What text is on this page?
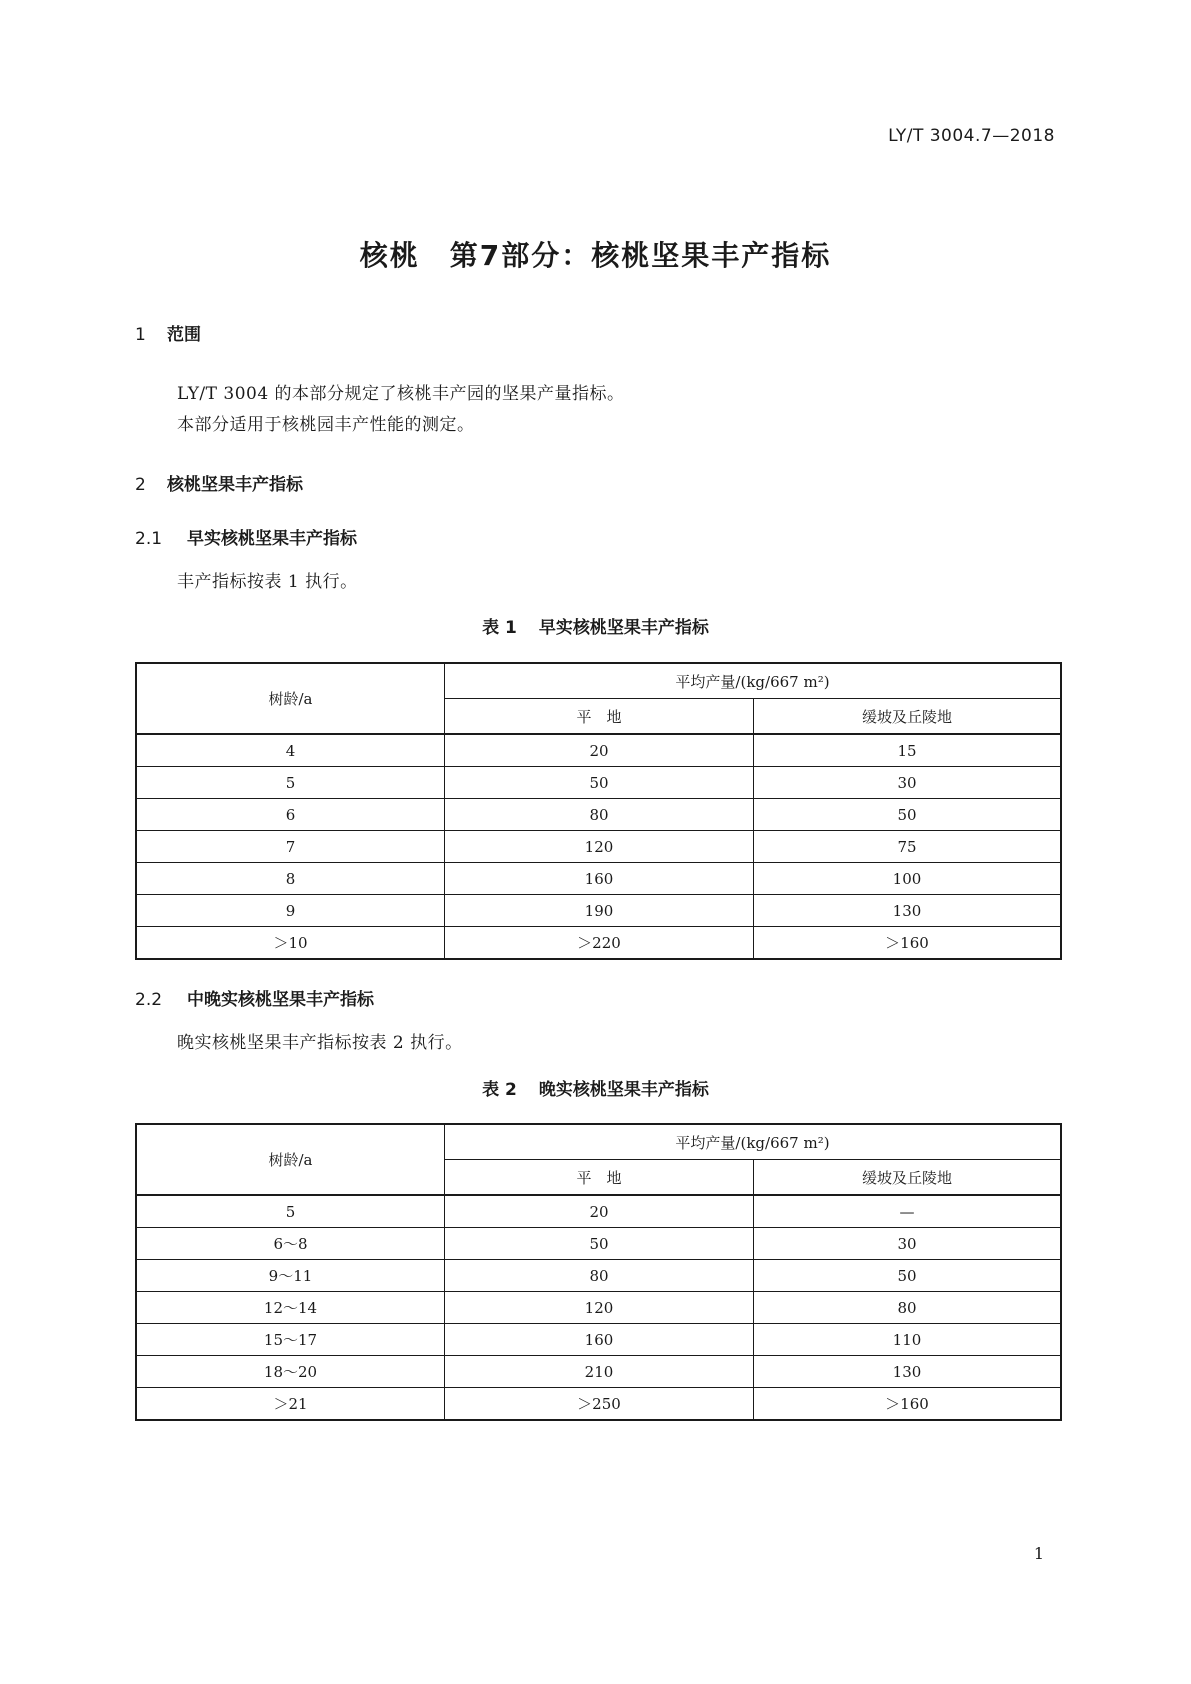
LY/T 3004.7—2018
核桃　第7部分：核桃坚果丰产指标

1 范围

LY/T 3004 的本部分规定了核桃丰产园的坚果产量指标。

本部分适用于核桃园丰产性能的测定。

2 核桃坚果丰产指标

2.1 早实核桃坚果丰产指标

丰产指标按表 1 执行。

表 1 早实核桃坚果丰产指标

树龄/a	平均产量/(kg/667 m²)	
	平　地	缓坡及丘陵地
4	20	15
5	50	30
6	80	50
7	120	75
8	160	100
9	190	130
＞10	＞220	＞160

2.2 中晚实核桃坚果丰产指标

晚实核桃坚果丰产指标按表 2 执行。

表 2 晚实核桃坚果丰产指标

树龄/a	平均产量/(kg/667 m²)	
	平　地	缓坡及丘陵地
5	20	—
6～8	50	30
9～11	80	50
12～14	120	80
15～17	160	110
18～20	210	130
＞21	＞250	＞160
1
